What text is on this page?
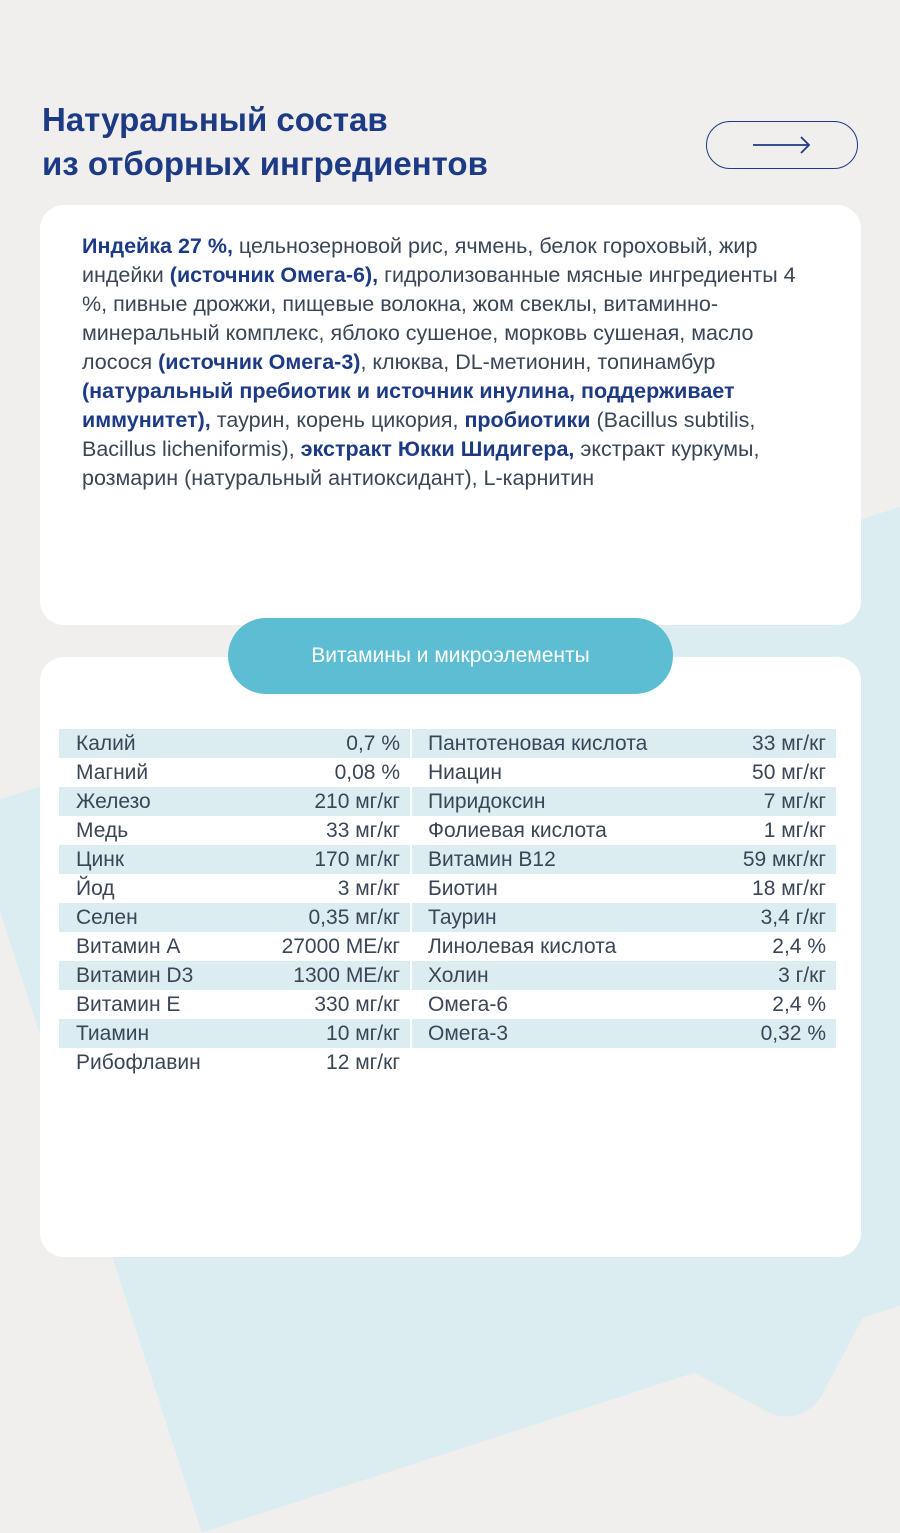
Натуральный состав
из отборных ингредиентов

Индейка 27 %, цельнозерновой рис, ячмень, белок гороховый, жир индейки (источник Омега-6), гидролизованные мясные ингредиенты 4 %, пивные дрожжи, пищевые волокна, жом свеклы, витаминно-минеральный комплекс, яблоко сушеное, морковь сушеная, масло лосося (источник Омега-3), клюква, DL-метионин, топинамбур (натуральный пребиотик и источник инулина, поддерживает иммунитет), таурин, корень цикория, пробиотики (Bacillus subtilis, Bacillus licheniformis), экстракт Юкки Шидигера, экстракт куркумы, розмарин (натуральный антиоксидант), L-карнитин

Витамины и микроэлементы
Калий	0,7 %
Магний	0,08 %
Железо	210 мг/кг
Медь	33 мг/кг
Цинк	170 мг/кг
Йод	3 мг/кг
Селен	0,35 мг/кг
Витамин А	27000 МЕ/кг
Витамин D3	1300 МЕ/кг
Витамин Е	330 мг/кг
Тиамин	10 мг/кг
Рибофлавин	12 мг/кг
Пантотеновая кислота	33 мг/кг
Ниацин	50 мг/кг
Пиридоксин	7 мг/кг
Фолиевая кислота	1 мг/кг
Витамин В12	59 мкг/кг
Биотин	18 мг/кг
Таурин	3,4 г/кг
Линолевая кислота	2,4 %
Холин	3 г/кг
Омега-6	2,4 %
Омега-3	0,32 %
